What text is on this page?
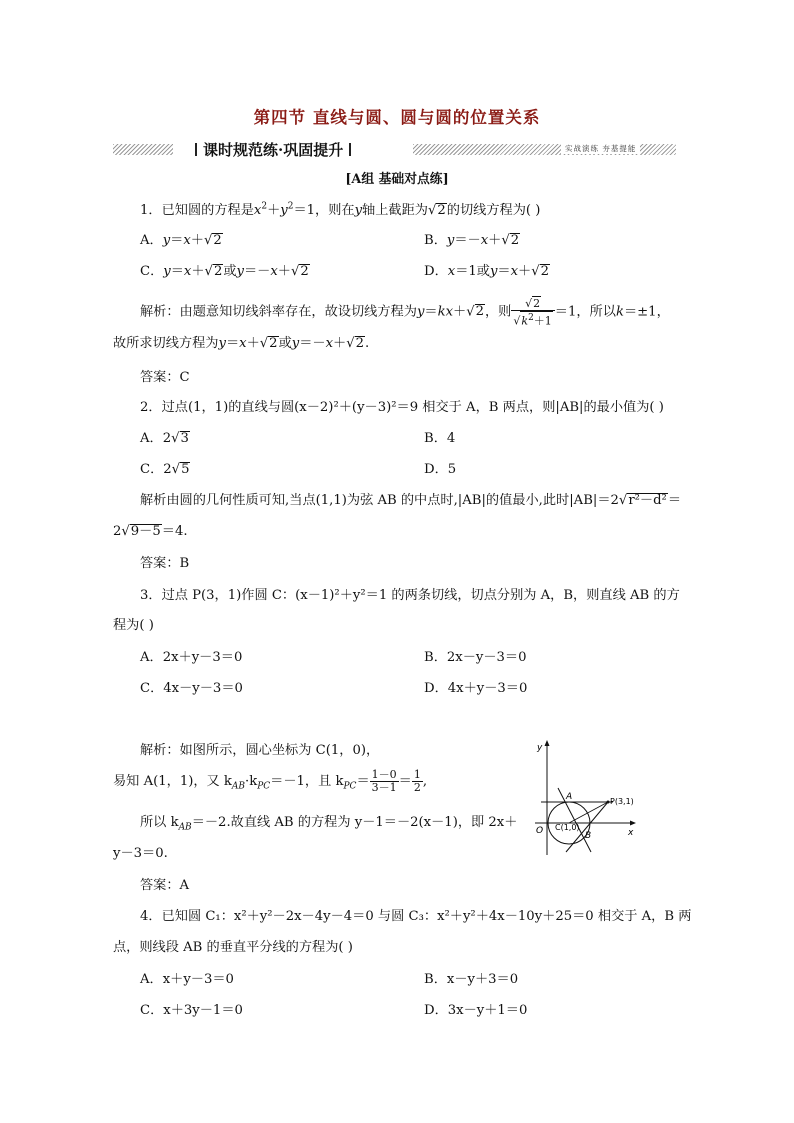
第四节 直线与圆、圆与圆的位置关系
课时规范练·巩固提升	实战演练 夯基提能
[A组 基础对点练]
1．已知圆的方程是$x^2+y^2=1$，则在y轴上截距为√2的切线方程为( )
A．y＝x＋√2	B．y＝－x＋√2
C．y＝x＋√2或y＝－x＋√2	D．x＝1或y＝x＋√2
解析：由题意知切线斜率存在，故设切线方程为y＝kx＋√2，则 $\frac{√2}{√k^2+1} =1$，所以k＝±1，
故所求切线方程为y＝x＋√2或y＝－x＋√2.
答案：C
2．过点(1，1)的直线与圆(x－2)²＋(y－3)²＝9 相交于 A，B 两点，则|AB|的最小值为( )
A．2√3	B．4
C．2√5	D．5
解析由圆的几何性质可知,当点(1,1)为弦 AB 的中点时,|AB|的值最小,此时|AB|＝2√r²－d²＝
2√9－5＝4.
答案：B
3．过点 P(3，1)作圆 C：(x－1)²＋y²＝1 的两条切线，切点分别为 A，B，则直线 AB 的方
程为( )
A．2x＋y－3＝0	B．2x－y－3＝0
C．4x－y－3＝0	D．4x＋y－3＝0
解析：如图所示，圆心坐标为 C(1，0)，
易知 A(1，1)，又 $k_{AB}\cdot k_{PC}=-1$，且 $k_{PC}= \frac{1-0}{3-1} = \frac{1}{2}$ ,
所以 $k_{AB}=-2$.故直线 AB 的方程为 y－1＝－2(x－1)，即 2x＋
y－3＝0.
答案：A
y
x
O
A
B
C(1,0)
P(3,1)
4．已知圆 C₁：x²＋y²－2x－4y－4＝0 与圆 C₃：x²＋y²＋4x－10y＋25＝0 相交于 A，B 两
点，则线段 AB 的垂直平分线的方程为( )
A．x＋y－3＝0	B．x－y＋3＝0
C．x＋3y－1＝0	D．3x－y＋1＝0
